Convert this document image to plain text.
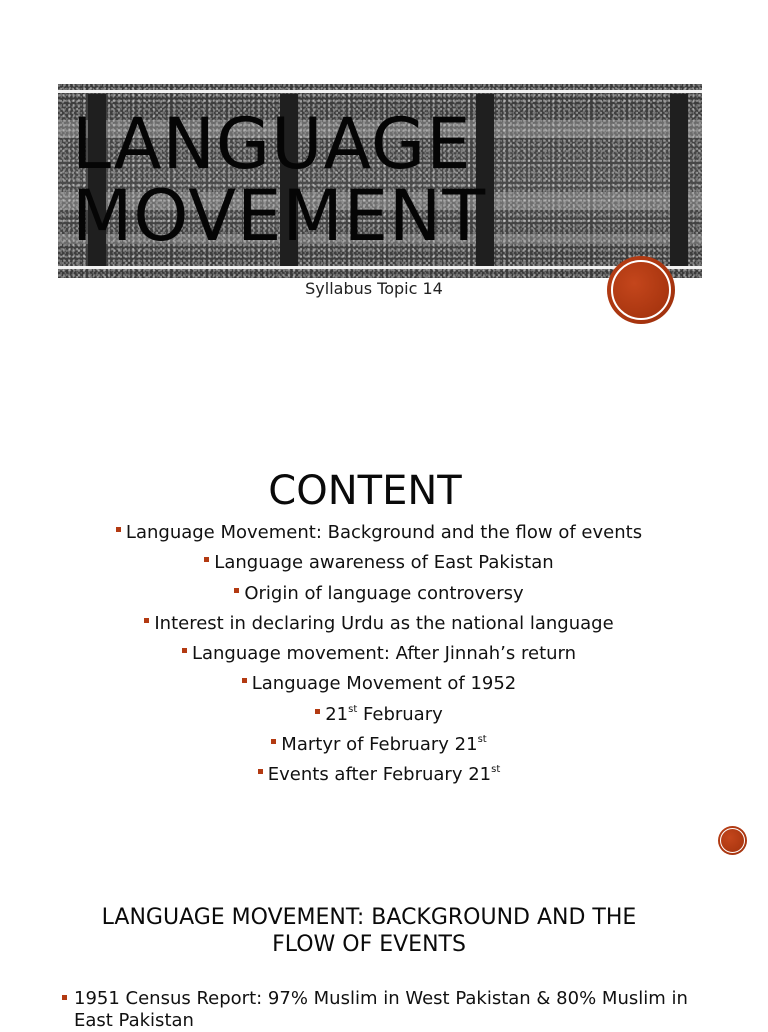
LANGUAGE
MOVEMENT
Syllabus Topic 14
CONTENT
Language Movement: Background and the flow of events
Language awareness of East Pakistan
Origin of language controversy
Interest in declaring Urdu as the national language
Language movement: After Jinnah’s return
Language Movement of 1952
21st February
Martyr of February 21st
Events after February 21st
LANGUAGE MOVEMENT: BACKGROUND AND THE
FLOW OF EVENTS
1951 Census Report: 97% Muslim in West Pakistan & 80% Muslim in East Pakistan
